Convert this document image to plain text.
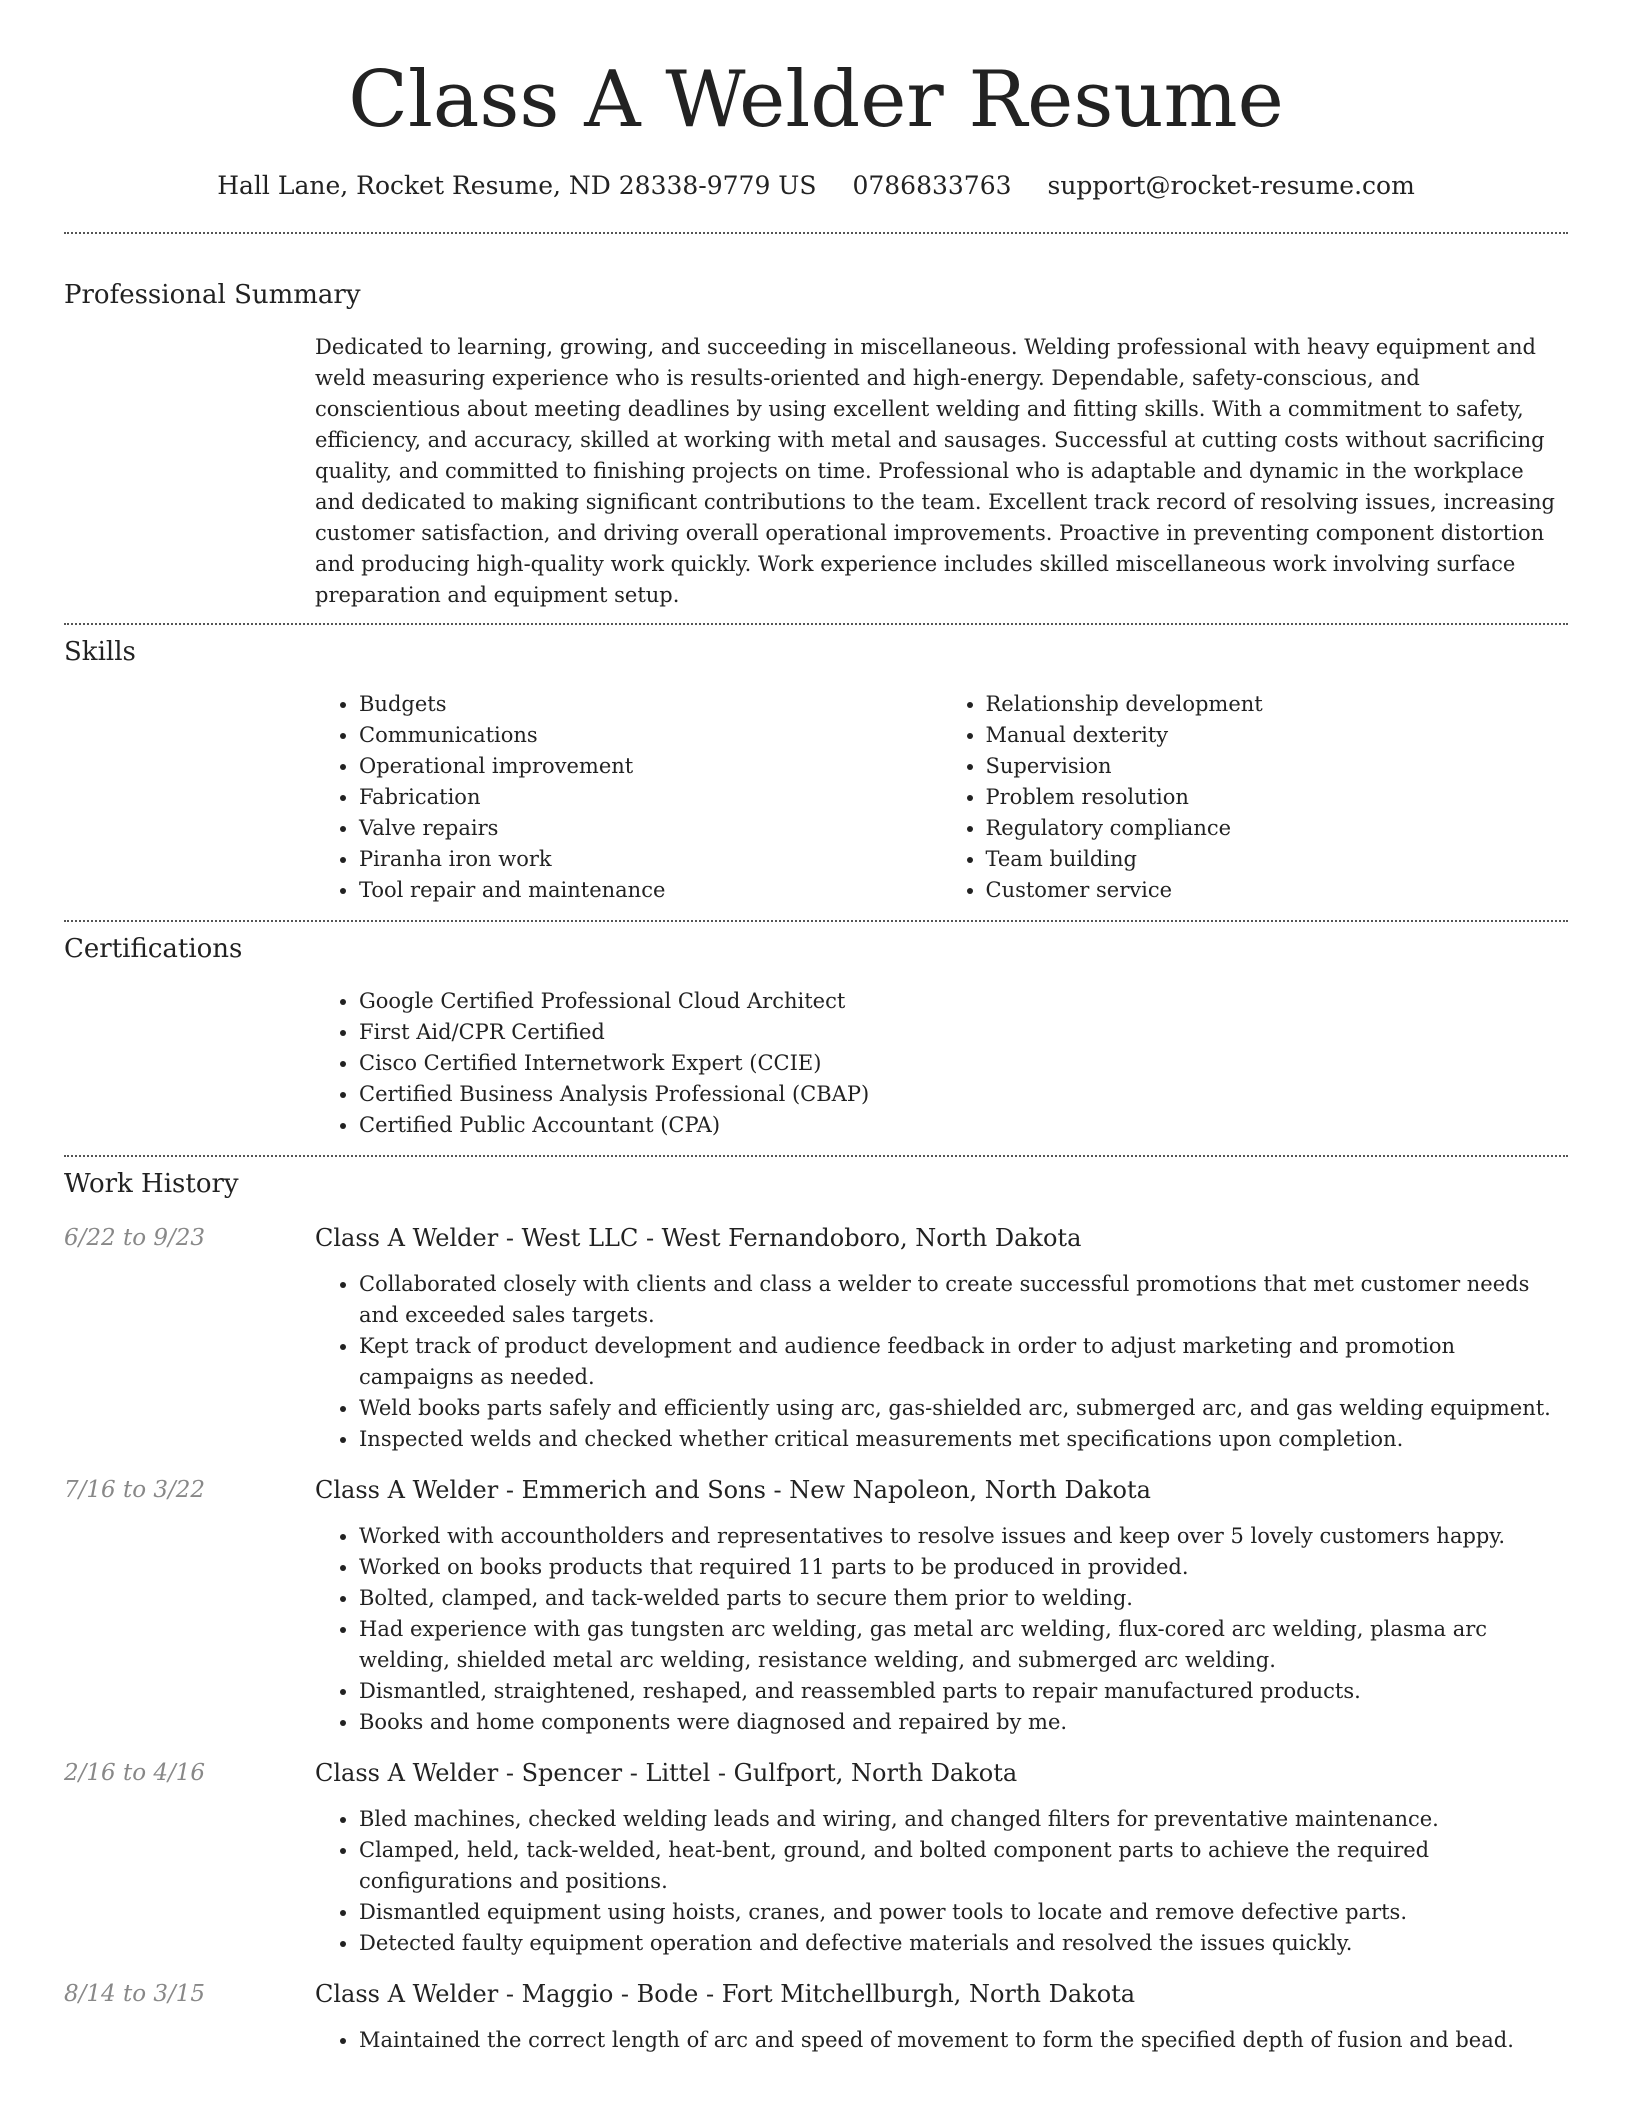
Class A Welder Resume
Hall Lane, Rocket Resume, ND 28338-9779 US 0786833763 support@rocket-resume.com
Professional Summary

Dedicated to learning, growing, and succeeding in miscellaneous. Welding professional with heavy equipment and weld measuring experience who is results-oriented and high-energy. Dependable, safety-conscious, and conscientious about meeting deadlines by using excellent welding and fitting skills. With a commitment to safety, efficiency, and accuracy, skilled at working with metal and sausages. Successful at cutting costs without sacrificing quality, and committed to finishing projects on time. Professional who is adaptable and dynamic in the workplace and dedicated to making significant contributions to the team. Excellent track record of resolving issues, increasing customer satisfaction, and driving overall operational improvements. Proactive in preventing component distortion and producing high-quality work quickly. Work experience includes skilled miscellaneous work involving surface preparation and equipment setup.

Skills
• Budgets
• Communications
• Operational improvement
• Fabrication
• Valve repairs
• Piranha iron work
• Tool repair and maintenance
• Relationship development
• Manual dexterity
• Supervision
• Problem resolution
• Regulatory compliance
• Team building
• Customer service
Certifications
• Google Certified Professional Cloud Architect
• First Aid/CPR Certified
• Cisco Certified Internetwork Expert (CCIE)
• Certified Business Analysis Professional (CBAP)
• Certified Public Accountant (CPA)
Work History
6/22 to 9/23	Class A Welder - West LLC - West Fernandoboro, North Dakota
• Collaborated closely with clients and class a welder to create successful promotions that met customer needs and exceeded sales targets.
• Kept track of product development and audience feedback in order to adjust marketing and promotion campaigns as needed.
• Weld books parts safely and efficiently using arc, gas-shielded arc, submerged arc, and gas welding equipment.
• Inspected welds and checked whether critical measurements met specifications upon completion.
7/16 to 3/22	Class A Welder - Emmerich and Sons - New Napoleon, North Dakota
• Worked with accountholders and representatives to resolve issues and keep over 5 lovely customers happy.
• Worked on books products that required 11 parts to be produced in provided.
• Bolted, clamped, and tack-welded parts to secure them prior to welding.
• Had experience with gas tungsten arc welding, gas metal arc welding, flux-cored arc welding, plasma arc welding, shielded metal arc welding, resistance welding, and submerged arc welding.
• Dismantled, straightened, reshaped, and reassembled parts to repair manufactured products.
• Books and home components were diagnosed and repaired by me.
2/16 to 4/16	Class A Welder - Spencer - Littel - Gulfport, North Dakota
• Bled machines, checked welding leads and wiring, and changed filters for preventative maintenance.
• Clamped, held, tack-welded, heat-bent, ground, and bolted component parts to achieve the required configurations and positions.
• Dismantled equipment using hoists, cranes, and power tools to locate and remove defective parts.
• Detected faulty equipment operation and defective materials and resolved the issues quickly.
8/14 to 3/15	Class A Welder - Maggio - Bode - Fort Mitchellburgh, North Dakota
• Maintained the correct length of arc and speed of movement to form the specified depth of fusion and bead.
